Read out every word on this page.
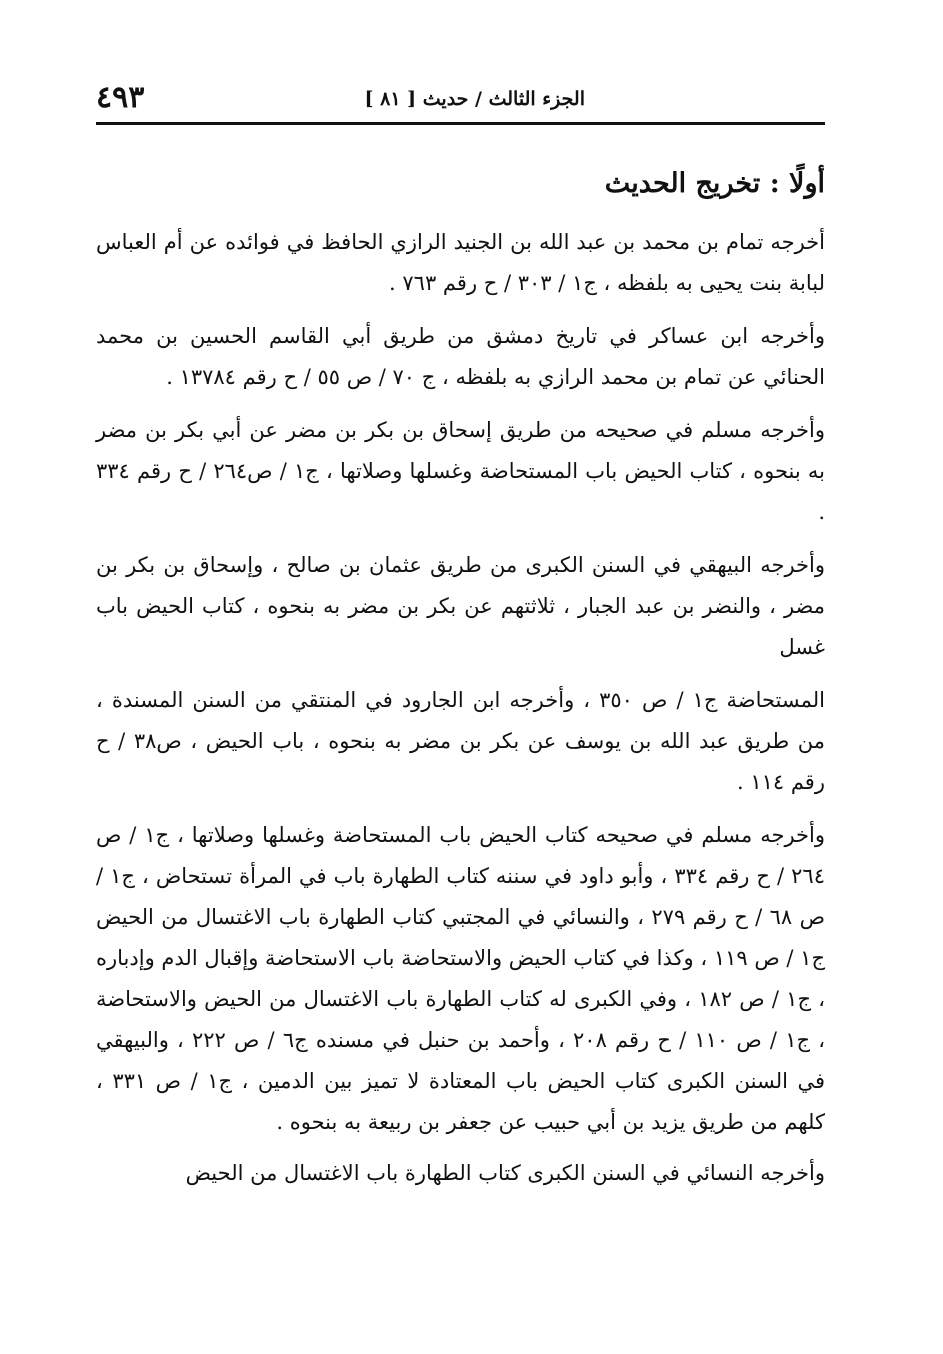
الجزء الثالث / حديث [ ٨١ ]
٤٩٣
أولًا : تخريج الحديث

أخرجه تمام بن محمد بن عبد الله بن الجنيد الرازي الحافظ في فوائده عن أم العباس لبابة بنت يحيى به بلفظه ، ج١ / ٣٠٣ / ح رقم ٧٦٣ .

وأخرجه ابن عساكر في تاريخ دمشق من طريق أبي القاسم الحسين بن محمد الحنائي عن تمام بن محمد الرازي به بلفظه ، ج ٧٠ / ص ٥٥ / ح رقم ١٣٧٨٤ .

وأخرجه مسلم في صحيحه من طريق إسحاق بن بكر بن مضر عن أبي بكر بن مضر به بنحوه ، كتاب الحيض باب المستحاضة وغسلها وصلاتها ، ج١ / ص٢٦٤ / ح رقم ٣٣٤ .

وأخرجه البيهقي في السنن الكبرى من طريق عثمان بن صالح ، وإسحاق بن بكر بن مضر ، والنضر بن عبد الجبار ، ثلاثتهم عن بكر بن مضر به بنحوه ، كتاب الحيض باب غسل

المستحاضة ج١ / ص ٣٥٠ ، وأخرجه ابن الجارود في المنتقي من السنن المسندة ، من طريق عبد الله بن يوسف عن بكر بن مضر به بنحوه ، باب الحيض ، ص٣٨ / ح رقم ١١٤ .

وأخرجه مسلم في صحيحه كتاب الحيض باب المستحاضة وغسلها وصلاتها ، ج١ / ص ٢٦٤ / ح رقم ٣٣٤ ، وأبو داود في سننه كتاب الطهارة باب في المرأة تستحاض ، ج١ / ص ٦٨ / ح رقم ٢٧٩ ، والنسائي في المجتبي كتاب الطهارة باب الاغتسال من الحيض ج١ / ص ١١٩ ، وكذا في كتاب الحيض والاستحاضة باب الاستحاضة وإقبال الدم وإدباره ، ج١ / ص ١٨٢ ، وفي الكبرى له كتاب الطهارة باب الاغتسال من الحيض والاستحاضة ، ج١ / ص ١١٠ / ح رقم ٢٠٨ ، وأحمد بن حنبل في مسنده ج٦ / ص ٢٢٢ ، والبيهقي في السنن الكبرى كتاب الحيض باب المعتادة لا تميز بين الدمين ، ج١ / ص ٣٣١ ، كلهم من طريق يزيد بن أبي حبيب عن جعفر بن ربيعة به بنحوه .

وأخرجه النسائي في السنن الكبرى كتاب الطهارة باب الاغتسال من الحيض
